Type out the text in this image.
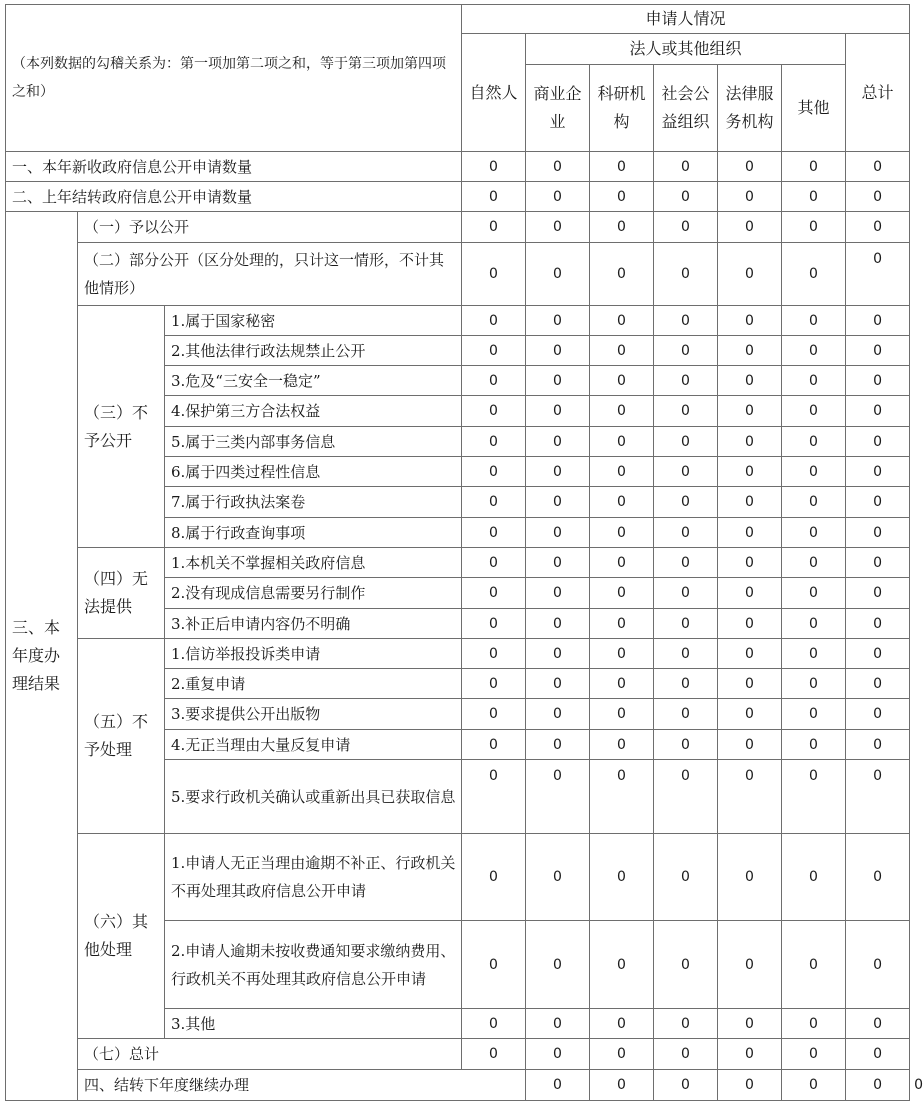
（本列数据的勾稽关系为：第一项加第二项之和，等于第三项加第四项之和）			申请人情况							
			自然人	法人或其他组织					总计	
				商业企业	科研机构	社会公益组织	法律服务机构	其他		
一、本年新收政府信息公开申请数量			0	0	0	0	0	0	0	
二、上年结转政府信息公开申请数量			0	0	0	0	0	0	0	
三、本年度办理结果	（一）予以公开		0	0	0	0	0	0	0	
	（二）部分公开（区分处理的，只计这一情形，不计其他情形）		0	0	0	0	0	0	0	
	（三）不予公开	1.属于国家秘密	0	0	0	0	0	0	0	
		2.其他法律行政法规禁止公开	0	0	0	0	0	0	0	
		3.危及“三安全一稳定”	0	0	0	0	0	0	0	
		4.保护第三方合法权益	0	0	0	0	0	0	0	
		5.属于三类内部事务信息	0	0	0	0	0	0	0	
		6.属于四类过程性信息	0	0	0	0	0	0	0	
		7.属于行政执法案卷	0	0	0	0	0	0	0	
		8.属于行政查询事项	0	0	0	0	0	0	0	
	（四）无法提供	1.本机关不掌握相关政府信息	0	0	0	0	0	0	0	
		2.没有现成信息需要另行制作	0	0	0	0	0	0	0	
		3.补正后申请内容仍不明确	0	0	0	0	0	0	0	
	（五）不予处理	1.信访举报投诉类申请	0	0	0	0	0	0	0	
		2.重复申请	0	0	0	0	0	0	0	
		3.要求提供公开出版物	0	0	0	0	0	0	0	
		4.无正当理由大量反复申请	0	0	0	0	0	0	0	
		5.要求行政机关确认或重新出具已获取信息	0	0	0	0	0	0	0	
	（六）其他处理	1.申请人无正当理由逾期不补正、行政机关不再处理其政府信息公开申请	0	0	0	0	0	0	0	
		2.申请人逾期未按收费通知要求缴纳费用、行政机关不再处理其政府信息公开申请	0	0	0	0	0	0	0	
		3.其他	0	0	0	0	0	0	0	
	（七）总计		0	0	0	0	0	0	0	
	四、结转下年度继续办理			0	0	0	0	0	0	0
